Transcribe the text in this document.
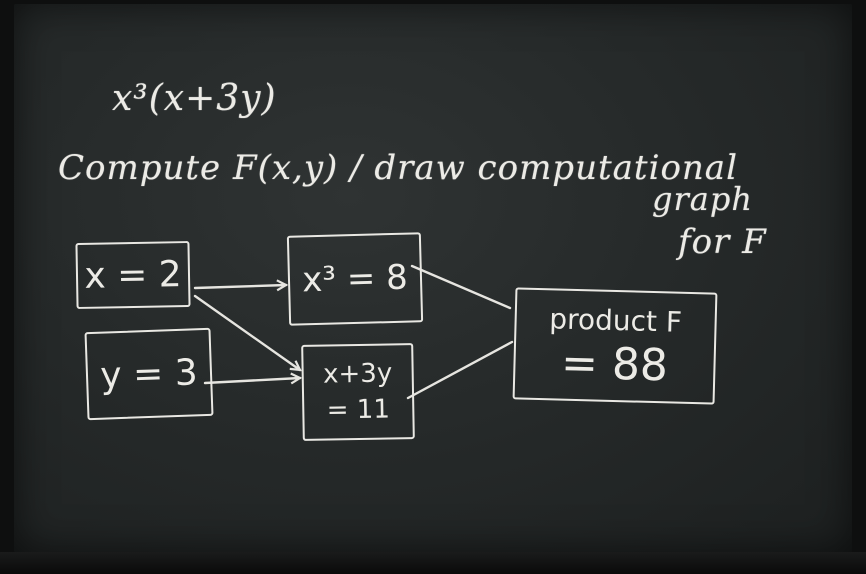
x³(x+3y)
Compute F(x,y) / draw computational
graph
for F
x = 2
y = 3
x³ = 8
x+3y
= 11
product F
= 88
